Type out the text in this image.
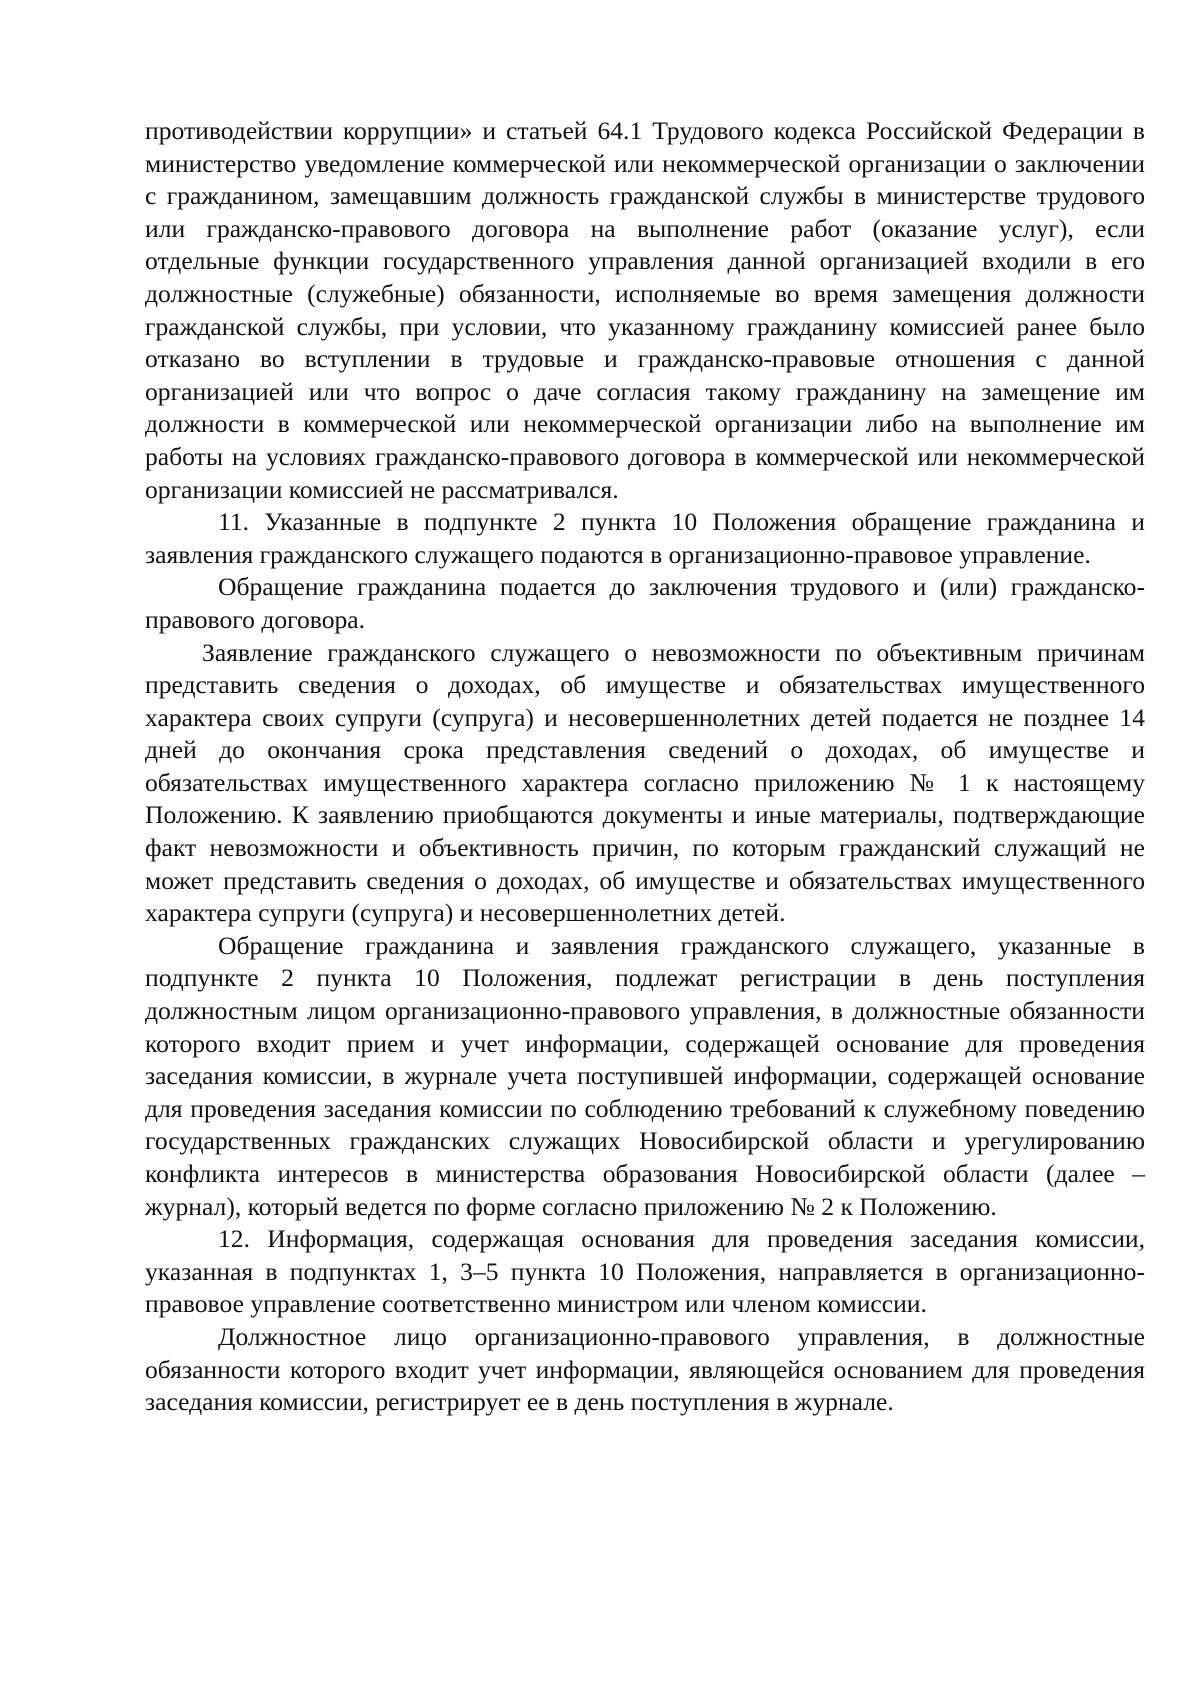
противодействии коррупции» и статьей 64.1 Трудового кодекса Российской Федерации в министерство уведомление коммерческой или некоммерческой организации о заключении с гражданином, замещавшим должность гражданской службы в министерстве трудового или гражданско-правового договора на выполнение работ (оказание услуг), если отдельные функции государственного управления данной организацией входили в его должностные (служебные) обязанности, исполняемые во время замещения должности гражданской службы, при условии, что указанному гражданину комиссией ранее было отказано во вступлении в трудовые и гражданско-правовые отношения с данной организацией или что вопрос о даче согласия такому гражданину на замещение им должности в коммерческой или некоммерческой организации либо на выполнение им работы на условиях гражданско-правового договора в коммерческой или некоммерческой организации комиссией не рассматривался.

11. Указанные в подпункте 2 пункта 10 Положения обращение гражданина и заявления гражданского служащего подаются в организационно-правовое управление.

Обращение гражданина подается до заключения трудового и (или) гражданско-правового договора.

Заявление гражданского служащего о невозможности по объективным причинам представить сведения о доходах, об имуществе и обязательствах имущественного характера своих супруги (супруга) и несовершеннолетних детей подается не позднее 14 дней до окончания срока представления сведений о доходах, об имуществе и обязательствах имущественного характера согласно приложению № 1 к настоящему Положению. К заявлению приобщаются документы и иные материалы, подтверждающие факт невозможности и объективность причин, по которым гражданский служащий не может представить сведения о доходах, об имуществе и обязательствах имущественного характера супруги (супруга) и несовершеннолетних детей.

Обращение гражданина и заявления гражданского служащего, указанные в подпункте 2 пункта 10 Положения, подлежат регистрации в день поступления должностным лицом организационно-правового управления, в должностные обязанности которого входит прием и учет информации, содержащей основание для проведения заседания комиссии, в журнале учета поступившей информации, содержащей основание для проведения заседания комиссии по соблюдению требований к служебному поведению государственных гражданских служащих Новосибирской области и урегулированию конфликта интересов в министерства образования Новосибирской области (далее – журнал), который ведется по форме согласно приложению № 2 к Положению.

12. Информация, содержащая основания для проведения заседания комиссии, указанная в подпунктах 1, 3–5 пункта 10 Положения, направляется в организационно-правовое управление соответственно министром или членом комиссии.

Должностное лицо организационно-правового управления, в должностные обязанности которого входит учет информации, являющейся основанием для проведения заседания комиссии, регистрирует ее в день поступления в журнале.
